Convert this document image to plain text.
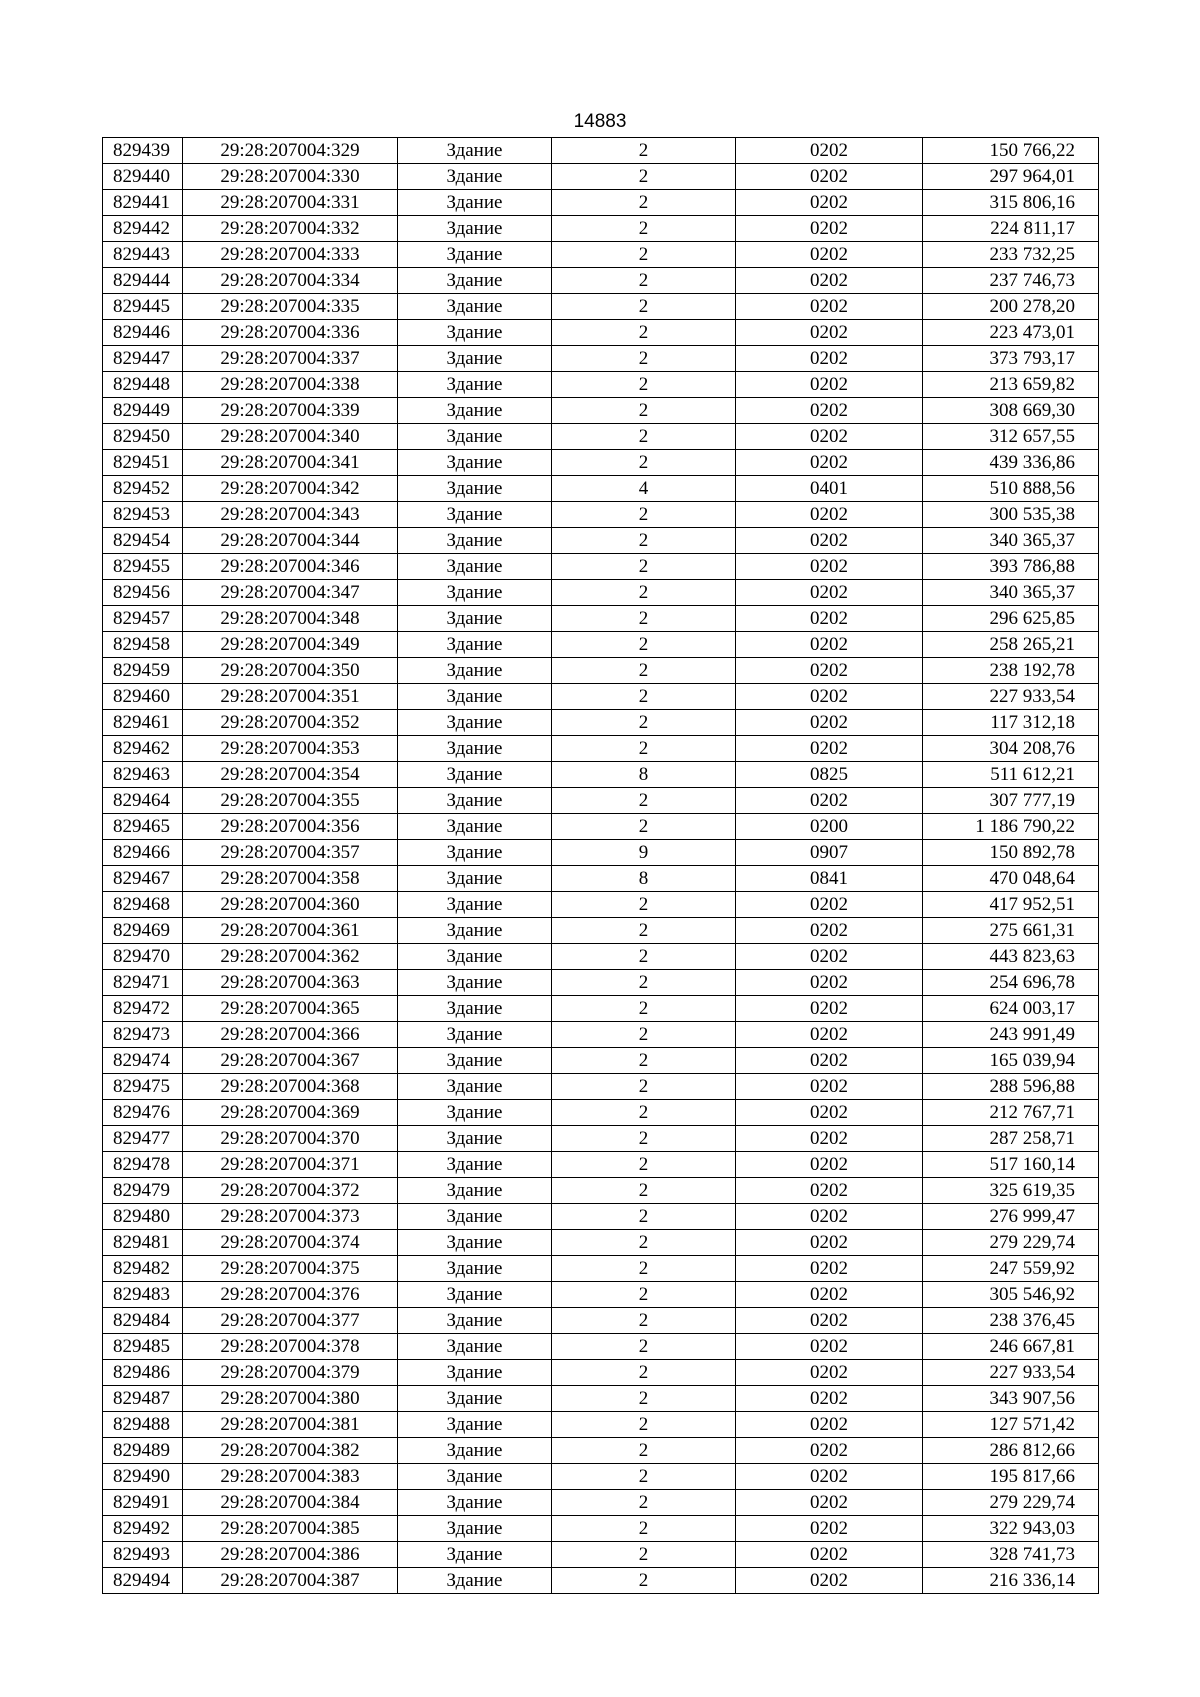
14883
829439	29:28:207004:329	Здание	2	0202	150 766,22
829440	29:28:207004:330	Здание	2	0202	297 964,01
829441	29:28:207004:331	Здание	2	0202	315 806,16
829442	29:28:207004:332	Здание	2	0202	224 811,17
829443	29:28:207004:333	Здание	2	0202	233 732,25
829444	29:28:207004:334	Здание	2	0202	237 746,73
829445	29:28:207004:335	Здание	2	0202	200 278,20
829446	29:28:207004:336	Здание	2	0202	223 473,01
829447	29:28:207004:337	Здание	2	0202	373 793,17
829448	29:28:207004:338	Здание	2	0202	213 659,82
829449	29:28:207004:339	Здание	2	0202	308 669,30
829450	29:28:207004:340	Здание	2	0202	312 657,55
829451	29:28:207004:341	Здание	2	0202	439 336,86
829452	29:28:207004:342	Здание	4	0401	510 888,56
829453	29:28:207004:343	Здание	2	0202	300 535,38
829454	29:28:207004:344	Здание	2	0202	340 365,37
829455	29:28:207004:346	Здание	2	0202	393 786,88
829456	29:28:207004:347	Здание	2	0202	340 365,37
829457	29:28:207004:348	Здание	2	0202	296 625,85
829458	29:28:207004:349	Здание	2	0202	258 265,21
829459	29:28:207004:350	Здание	2	0202	238 192,78
829460	29:28:207004:351	Здание	2	0202	227 933,54
829461	29:28:207004:352	Здание	2	0202	117 312,18
829462	29:28:207004:353	Здание	2	0202	304 208,76
829463	29:28:207004:354	Здание	8	0825	511 612,21
829464	29:28:207004:355	Здание	2	0202	307 777,19
829465	29:28:207004:356	Здание	2	0200	1 186 790,22
829466	29:28:207004:357	Здание	9	0907	150 892,78
829467	29:28:207004:358	Здание	8	0841	470 048,64
829468	29:28:207004:360	Здание	2	0202	417 952,51
829469	29:28:207004:361	Здание	2	0202	275 661,31
829470	29:28:207004:362	Здание	2	0202	443 823,63
829471	29:28:207004:363	Здание	2	0202	254 696,78
829472	29:28:207004:365	Здание	2	0202	624 003,17
829473	29:28:207004:366	Здание	2	0202	243 991,49
829474	29:28:207004:367	Здание	2	0202	165 039,94
829475	29:28:207004:368	Здание	2	0202	288 596,88
829476	29:28:207004:369	Здание	2	0202	212 767,71
829477	29:28:207004:370	Здание	2	0202	287 258,71
829478	29:28:207004:371	Здание	2	0202	517 160,14
829479	29:28:207004:372	Здание	2	0202	325 619,35
829480	29:28:207004:373	Здание	2	0202	276 999,47
829481	29:28:207004:374	Здание	2	0202	279 229,74
829482	29:28:207004:375	Здание	2	0202	247 559,92
829483	29:28:207004:376	Здание	2	0202	305 546,92
829484	29:28:207004:377	Здание	2	0202	238 376,45
829485	29:28:207004:378	Здание	2	0202	246 667,81
829486	29:28:207004:379	Здание	2	0202	227 933,54
829487	29:28:207004:380	Здание	2	0202	343 907,56
829488	29:28:207004:381	Здание	2	0202	127 571,42
829489	29:28:207004:382	Здание	2	0202	286 812,66
829490	29:28:207004:383	Здание	2	0202	195 817,66
829491	29:28:207004:384	Здание	2	0202	279 229,74
829492	29:28:207004:385	Здание	2	0202	322 943,03
829493	29:28:207004:386	Здание	2	0202	328 741,73
829494	29:28:207004:387	Здание	2	0202	216 336,14
